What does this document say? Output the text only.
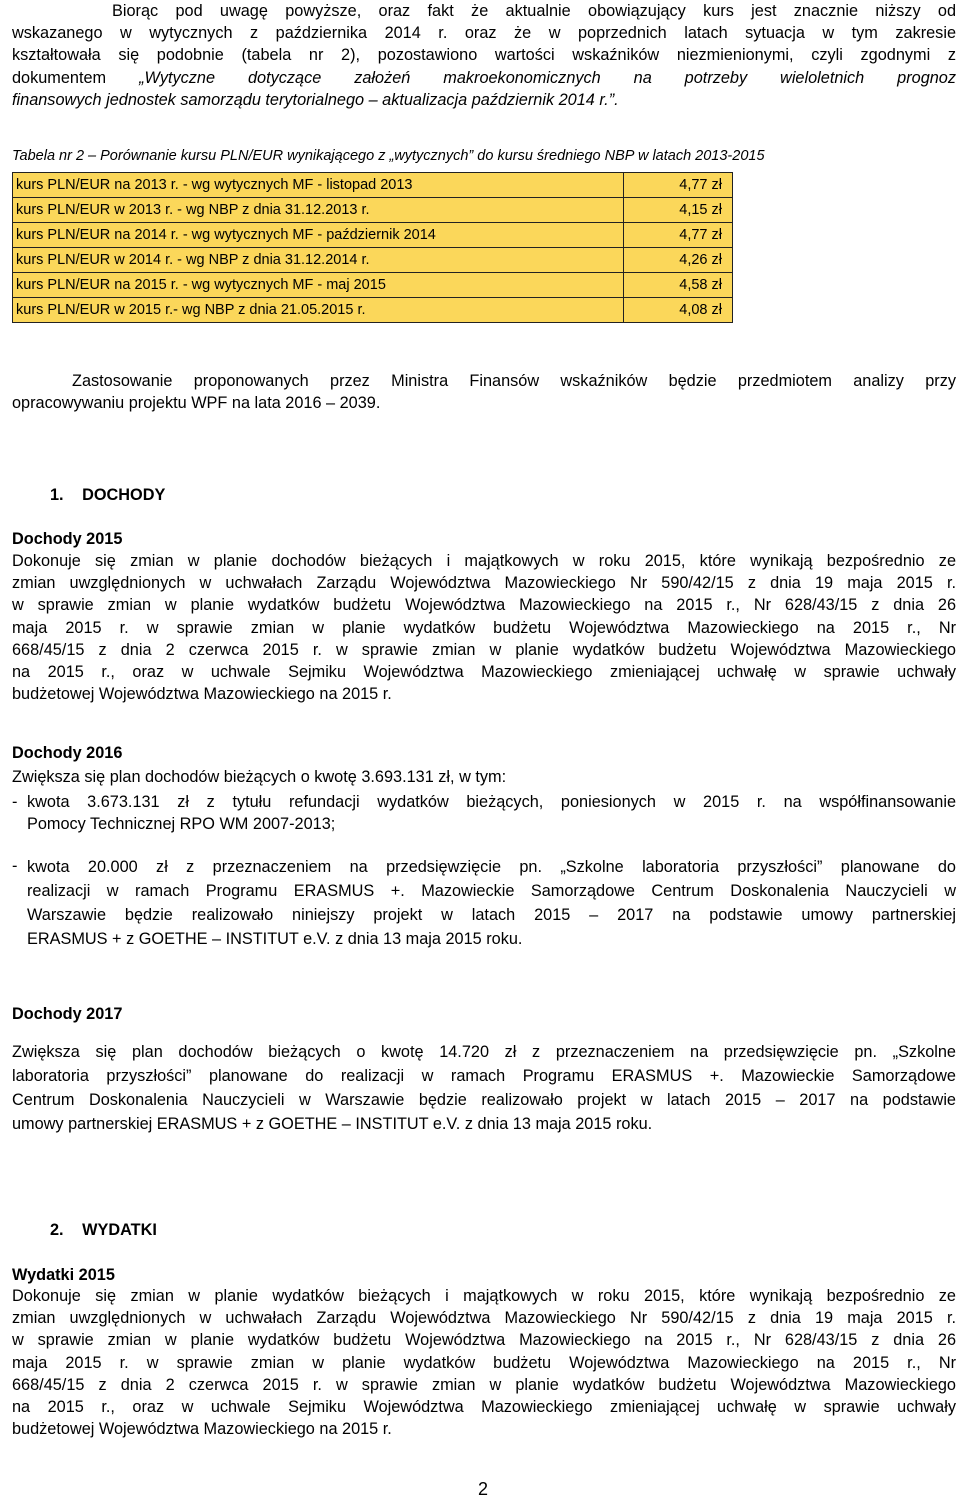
Biorąc pod uwagę powyższe, oraz fakt że aktualnie obowiązujący kurs jest znacznie niższy od
wskazanego w wytycznych z października 2014 r. oraz że w poprzednich latach sytuacja w tym zakresie
kształtowała się podobnie (tabela nr 2), pozostawiono wartości wskaźników niezmienionymi, czyli zgodnymi z
dokumentem „Wytyczne dotyczące założeń makroekonomicznych na potrzeby wieloletnich prognoz
finansowych jednostek samorządu terytorialnego – aktualizacja październik 2014 r.”.
Tabela nr 2 – Porównanie kursu PLN/EUR wynikającego z „wytycznych” do kursu średniego NBP w latach 2013-2015
kurs PLN/EUR na 2013 r. - wg wytycznych MF - listopad 2013	4,77 zł
kurs PLN/EUR w 2013 r. - wg NBP z dnia 31.12.2013 r.	4,15 zł
kurs PLN/EUR na 2014 r. - wg wytycznych MF - październik 2014	4,77 zł
kurs PLN/EUR w 2014 r. - wg NBP z dnia 31.12.2014 r.	4,26 zł
kurs PLN/EUR na 2015 r. - wg wytycznych MF - maj 2015	4,58 zł
kurs PLN/EUR w 2015 r.- wg NBP z dnia 21.05.2015 r.	4,08 zł
Zastosowanie proponowanych przez Ministra Finansów wskaźników będzie przedmiotem analizy przy
opracowywaniu projektu WPF na lata 2016 – 2039.
1. DOCHODY
Dochody 2015
Dokonuje się zmian w planie dochodów bieżących i majątkowych w roku 2015, które wynikają bezpośrednio ze
zmian uwzględnionych w uchwałach Zarządu Województwa Mazowieckiego Nr 590/42/15 z dnia 19 maja 2015 r.
w sprawie zmian w planie wydatków budżetu Województwa Mazowieckiego na 2015 r., Nr 628/43/15 z dnia 26
maja 2015 r. w sprawie zmian w planie wydatków budżetu Województwa Mazowieckiego na 2015 r., Nr
668/45/15 z dnia 2 czerwca 2015 r. w sprawie zmian w planie wydatków budżetu Województwa Mazowieckiego
na 2015 r., oraz w uchwale Sejmiku Województwa Mazowieckiego zmieniającej uchwałę w sprawie uchwały
budżetowej Województwa Mazowieckiego na 2015 r.
Dochody 2016
Zwiększa się plan dochodów bieżących o kwotę 3.693.131 zł, w tym:
- kwota 3.673.131 zł z tytułu refundacji wydatków bieżących, poniesionych w 2015 r. na współfinansowanie
Pomocy Technicznej RPO WM 2007-2013;
- kwota 20.000 zł z przeznaczeniem na przedsięwzięcie pn. „Szkolne laboratoria przyszłości” planowane do
realizacji w ramach Programu ERASMUS +. Mazowieckie Samorządowe Centrum Doskonalenia Nauczycieli w
Warszawie będzie realizowało niniejszy projekt w latach 2015 – 2017 na podstawie umowy partnerskiej
ERASMUS + z GOETHE – INSTITUT e.V. z dnia 13 maja 2015 roku.
Dochody 2017
Zwiększa się plan dochodów bieżących o kwotę 14.720 zł z przeznaczeniem na przedsięwzięcie pn. „Szkolne
laboratoria przyszłości” planowane do realizacji w ramach Programu ERASMUS +. Mazowieckie Samorządowe
Centrum Doskonalenia Nauczycieli w Warszawie będzie realizowało projekt w latach 2015 – 2017 na podstawie
umowy partnerskiej ERASMUS + z GOETHE – INSTITUT e.V. z dnia 13 maja 2015 roku.
2. WYDATKI
Wydatki 2015
Dokonuje się zmian w planie wydatków bieżących i majątkowych w roku 2015, które wynikają bezpośrednio ze
zmian uwzględnionych w uchwałach Zarządu Województwa Mazowieckiego Nr 590/42/15 z dnia 19 maja 2015 r.
w sprawie zmian w planie wydatków budżetu Województwa Mazowieckiego na 2015 r., Nr 628/43/15 z dnia 26
maja 2015 r. w sprawie zmian w planie wydatków budżetu Województwa Mazowieckiego na 2015 r., Nr
668/45/15 z dnia 2 czerwca 2015 r. w sprawie zmian w planie wydatków budżetu Województwa Mazowieckiego
na 2015 r., oraz w uchwale Sejmiku Województwa Mazowieckiego zmieniającej uchwałę w sprawie uchwały
budżetowej Województwa Mazowieckiego na 2015 r.
2
